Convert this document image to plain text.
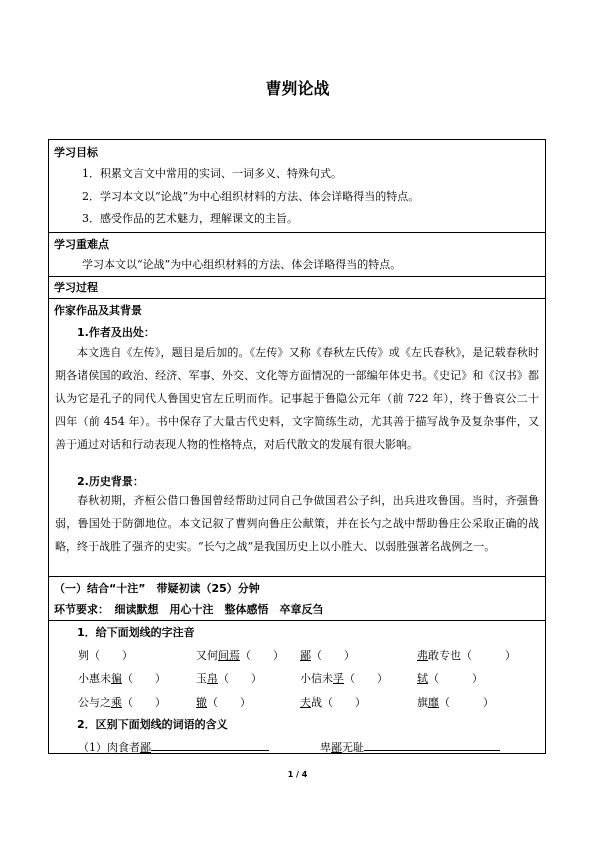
曹刿论战
学习目标
1．积累文言文中常用的实词、一词多义、特殊句式。
2．学习本文以“论战”为中心组织材料的方法、体会详略得当的特点。
3．感受作品的艺术魅力，理解课文的主旨。
学习重难点
学习本文以“论战”为中心组织材料的方法、体会详略得当的特点。
学习过程
作家作品及其背景
1.作者及出处：
本文选自《左传》，题目是后加的。《左传》又称《春秋左氏传》或《左氏春秋》，是记载春秋时期各诸侯国的政治、经济、军事、外交、文化等方面情况的一部编年体史书。《史记》和《汉书》都认为它是孔子的同代人鲁国史官左丘明而作。记事起于鲁隐公元年（前 722 年），终于鲁哀公二十四年（前 454 年）。书中保存了大量古代史料，文字简练生动，尤其善于描写战争及复杂事件，又善于通过对话和行动表现人物的性格特点，对后代散文的发展有很大影响。
2.历史背景：
春秋初期，齐桓公借口鲁国曾经帮助过同自己争做国君公子纠，出兵进攻鲁国。当时，齐强鲁弱，鲁国处于防御地位。本文记叙了曹刿向鲁庄公献策，并在长勺之战中帮助鲁庄公采取正确的战略，终于战胜了强齐的史实。“长勺之战”是我国历史上以小胜大、以弱胜强著名战例之一。
（一）结合“十注”　带疑初读（25）分钟
环节要求：　细读默想　用心十注　整体感悟　卒章反刍
1．给下面划线的字注音
刿（　　）	又何间焉（　　） 鄙（　　）	弗敢专也（　　　）
小惠未徧（　　）	玉帛（　　）	小信未孚（　　）	轼（　　　）
公与之乘（　　）	辙（　　）	夫战（　　）	旗靡（　　　）
2．区别下面划线的词语的含义
（1）肉食者鄙	卑鄙无耻
1 / 4
